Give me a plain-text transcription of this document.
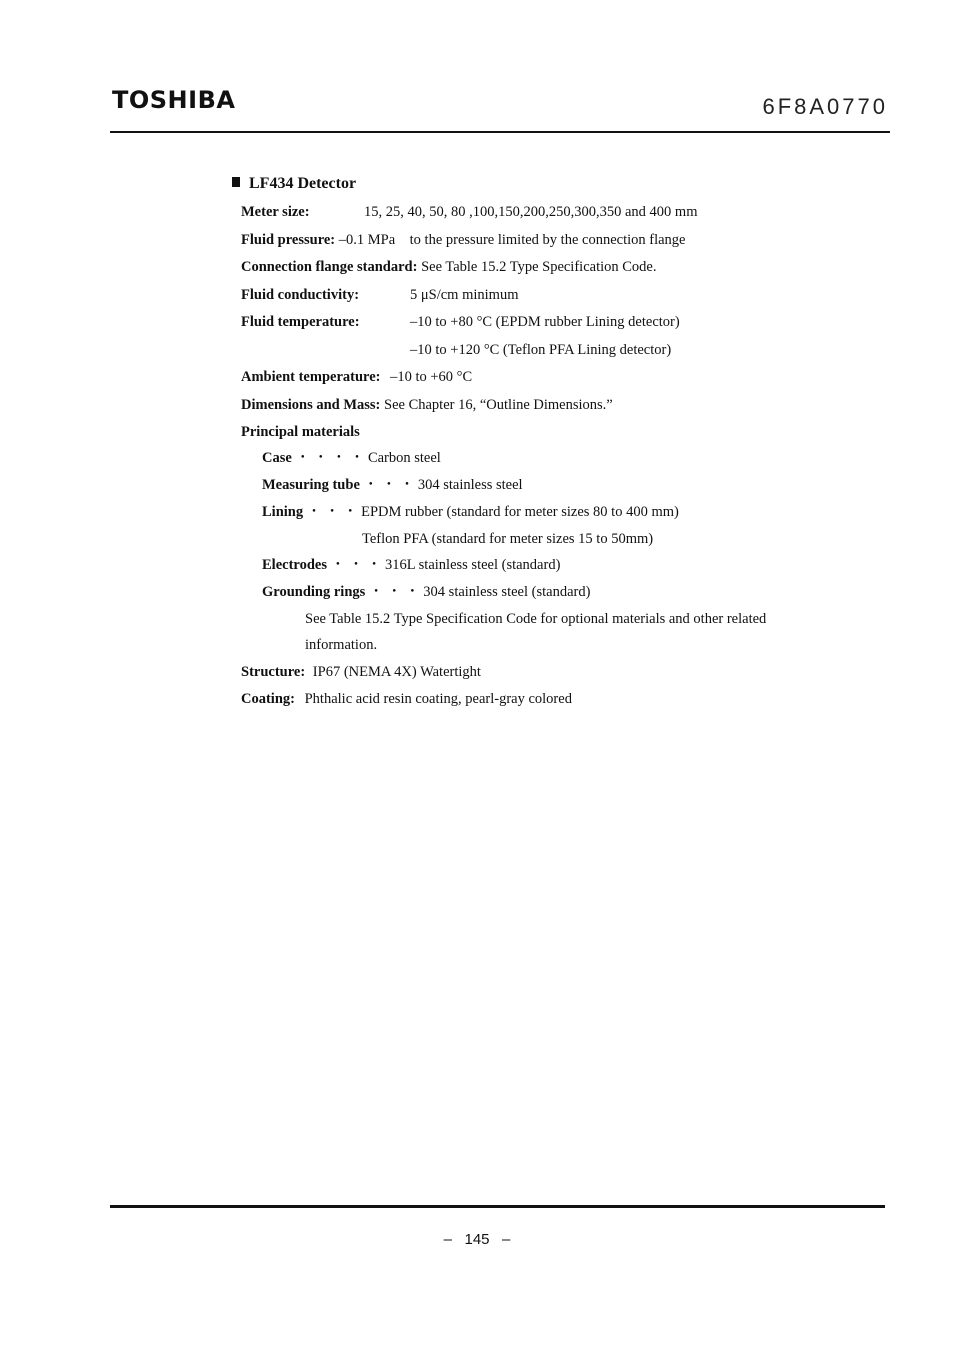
TOSHIBA	6F8A0770
LF434 Detector
Meter size:	15, 25, 40, 50, 80 ,100,150,200,250,300,350 and 400 mm
Fluid pressure: –0.1 MPa    to the pressure limited by the connection flange
Connection flange standard: See Table 15.2 Type Specification Code.
Fluid conductivity:	5 μS/cm minimum
Fluid temperature:	–10 to +80 °C (EPDM rubber Lining detector)
–10 to +120 °C (Teflon PFA Lining detector)
Ambient temperature: –10 to +60 °C
Dimensions and Mass: See Chapter 16, “Outline Dimensions.”
Principal materials
Case ・ ・ ・ ・ Carbon steel
Measuring tube ・ ・ ・ 304 stainless steel
Lining ・ ・ ・ EPDM rubber (standard for meter sizes 80 to 400 mm)
Teflon PFA (standard for meter sizes 15 to 50mm)
Electrodes ・ ・ ・ 316L stainless steel (standard)
Grounding rings ・ ・ ・ 304 stainless steel (standard)
See Table 15.2 Type Specification Code for optional materials and other related
information.
Structure: IP67 (NEMA 4X) Watertight
Coating: Phthalic acid resin coating, pearl-gray colored
–   145   –
